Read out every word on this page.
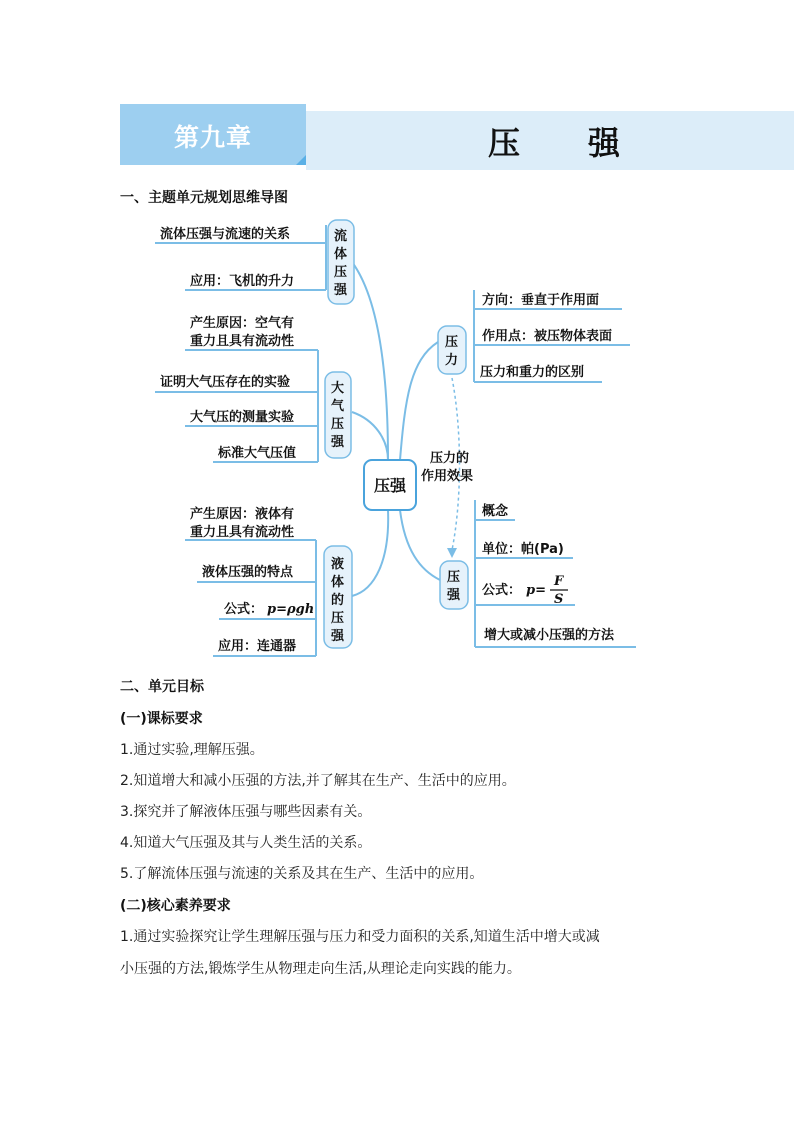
第九章	压 强
一、主题单元规划思维导图
压强
流
体
压
强
流体压强与流速的关系
应用：飞机的升力
大
气
压
强
产生原因：空气有
重力且具有流动性
证明大气压存在的实验
大气压的测量实验
标准大气压值
液
体
的
压
强
产生原因：液体有
重力且具有流动性
液体压强的特点
公式： p=ρgh
应用：连通器
压
力
方向：垂直于作用面
作用点：被压物体表面
压力和重力的区别
压力的
作用效果
压
强
概念
单位：帕(Pa)
公式： p=
F
S
增大或减小压强的方法
二、单元目标
(一)课标要求
1.通过实验,理解压强。
2.知道增大和减小压强的方法,并了解其在生产、生活中的应用。
3.探究并了解液体压强与哪些因素有关。
4.知道大气压强及其与人类生活的关系。
5.了解流体压强与流速的关系及其在生产、生活中的应用。
(二)核心素养要求
1.通过实验探究让学生理解压强与压力和受力面积的关系,知道生活中增大或减
小压强的方法,锻炼学生从物理走向生活,从理论走向实践的能力。
